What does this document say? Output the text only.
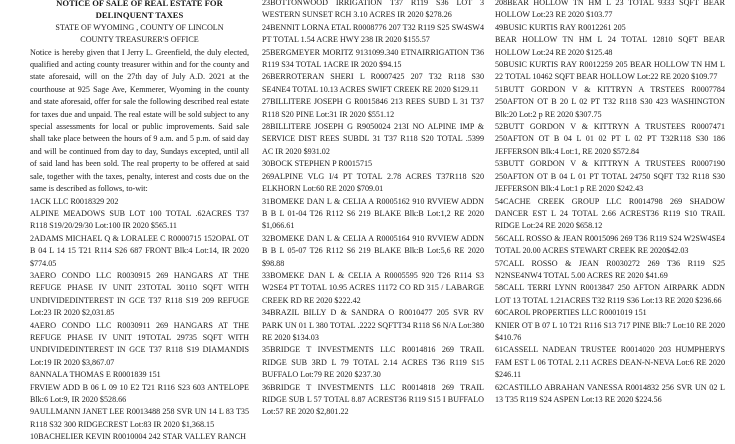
NOTICE OF SALE OF REAL ESTATE FOR
DELINQUENT TAXES
STATE OF WYOMING , COUNTY OF LINCOLN
COUNTY TREASURER'S OFFICE

Notice is hereby given that I Jerry L. Greenfield, the duly elected, qualified and acting county treasurer within and for the county and state aforesaid, will on the 27th day of July A.D. 2021 at the courthouse at 925 Sage Ave, Kemmerer, Wyoming in the county and state aforesaid, offer for sale the following described real estate for taxes due and unpaid. The real estate will be sold subject to any special assessments for local or public improvements. Said sale shall take place between the hours of 9 a.m. and 5 p.m. of said day and will be continued from day to day, Sundays excepted, until all of said land has been sold. The real property to be offered at said sale, together with the taxes, penalty, interest and costs due on the same is described as follows, to-wit:

1ACK LLC R0018329 202

ALPINE MEADOWS SUB LOT 100 TOTAL .62ACRES T37 R118 S19/20/29/30 Lot:100 IR 2020 $565.11

2ADAMS MICHAEL Q & LORALEE C R0000715 152OPAL OT B 04 L 14 15 T21 R114 S26 687 FRONT Blk:4 Lot:14, IR 2020 $774.05

3AERO CONDO LLC R0030915 269 HANGARS AT THE REFUGE PHASE IV UNIT 23TOTAL 30110 SQFT WITH UNDIVIDEDINTEREST IN GCE T37 R118 S19 209 REFUGE Lot:23 IR 2020 $2,031.85

4AERO CONDO LLC R0030911 269 HANGARS AT THE REFUGE PHASE IV UNIT 19TOTAL 29735 SQFT WITH UNDIVIDEDINTEREST IN GCE T37 R118 S19 DIAMANDIS Lot:19 IR 2020 $3,867.07

8ANNALA THOMAS E R0001839 151

FRVIEW ADD B 06 L 09 10 E2 T21 R116 S23 603 ANTELOPE Blk:6 Lot:9, IR 2020 $528.66

9AULLMANN JANET LEE R0013488 258 SVR UN 14 L 83 T35 R118 S32 300 RIDGECREST Lot:83 IR 2020 $1,368.15

10BACHELIER KEVIN R0010004 242 STAR VALLEY RANCH

23BOTTONWOOD IRRIGATION T37 R119 S36 LOT 3 WESTERN SUNSET RCH 3.10 ACRES IR 2020 $278.26

24BENNIT LORNA ETAL R0008776 207 T32 R119 S25 SW4SW4 PT TOTAL 1.54 ACRE HWY 238 IR 2020 $155.57

25BERGMEYER MORITZ 9131099.340 ETNAIRRIGATION T36 R119 S34 TOTAL 1ACRE IR 2020 $94.15

26BERROTERAN SHERI L R0007425 207 T32 R118 S30 SE4NE4 TOTAL 10.13 ACRES SWIFT CREEK RE 2020 $129.11

27BILLITERE JOSEPH G R0015846 213 REES SUBD L 31 T37 R118 S20 PINE Lot:31 IR 2020 $551.12

28BILLITERE JOSEPH G R9050024 213I NO ALPINE IMP & SERVICE DIST REES SUBDL 31 T37 R118 S20 TOTAL .5399 AC IR 2020 $931.02

30BOCK STEPHEN P R0015715

269ALPINE VLG I/4 PT TOTAL 2.78 ACRES T37R118 S20 ELKHORN Lot:60 RE 2020 $709.01

31BOMEKE DAN L & CELIA A R0005162 910 RVVIEW ADDN B B L 01-04 T26 R112 S6 219 BLAKE Blk:B Lot:1,2 RE 2020 $1,066.61

32BOMEKE DAN L & CELIA A R0005164 910 RVVIEW ADDN B B L 05-07 T26 R112 S6 219 BLAKE Blk:B Lot:5,6 RE 2020 $98.88

33BOMEKE DAN L & CELIA A R0005595 920 T26 R114 S3 W2SE4 PT TOTAL 10.95 ACRES 11172 CO RD 315 / LABARGE CREEK RD RE 2020 $222.42

34BRAZIL BILLY D & SANDRA O R0010477 205 SVR RV PARK UN 01 L 380 TOTAL .2222 SQFTT34 R118 S6 N/A Lot:380 RE 2020 $134.03

35BRIDGE T INVESTMENTS LLC R0014816 269 TRAIL RIDGE SUB 3RD L 79 TOTAL 2.14 ACRES T36 R119 S15 BUFFALO Lot:79 RE 2020 $237.30

36BRIDGE T INVESTMENTS LLC R0014818 269 TRAIL RIDGE SUB L 57 TOTAL 8.87 ACREST36 R119 S15 I BUFFALO Lot:57 RE 2020 $2,801.22

208BEAR HOLLOW TN HM L 23 TOTAL 9333 SQFT BEAR HOLLOW Lot:23 RE 2020 $103.77

49BUSIC KURTIS RAY R0012261 205

BEAR HOLLOW TN HM L 24 TOTAL 12810 SQFT BEAR HOLLOW Lot:24 RE 2020 $125.48

50BUSIC KURTIS RAY R0012259 205 BEAR HOLLOW TN HM L 22 TOTAL 10462 SQFT BEAR HOLLOW Lot:22 RE 2020 $109.77

51BUTT GORDON V & KITTRYN A TRSTEES R0007784 250AFTON OT B 20 L 02 PT T32 R118 S30 423 WASHINGTON Blk:20 Lot:2 p RE 2020 $307.75

52BUTT GORDON V & KITTRYN A TRUSTEES R0007471 250AFTON OT B 04 L 01 02 PT L 02 PT T32R118 S30 186 JEFFERSON Blk:4 Lot:1, RE 2020 $572.84

53BUTT GORDON V & KITTRYN A TRUSTEES R0007190 250AFTON OT B 04 L 01 PT TOTAL 24750 SQFT T32 R118 S30 JEFFERSON Blk:4 Lot:1 p RE 2020 $242.43

54CACHE CREEK GROUP LLC R0014798 269 SHADOW DANCER EST L 24 TOTAL 2.66 ACREST36 R119 S10 TRAIL RIDGE Lot:24 RE 2020 $658.12

56CALL ROSSO & JEAN R0015096 269 T36 R119 S24 W2SW4SE4 TOTAL 20.00 ACRES STEWART CREEK RE 2020$42.03

57CALL ROSSO & JEAN R0030272 269 T36 R119 S25 N2NSE4NW4 TOTAL 5.00 ACRES RE 2020 $41.69

58CALL TERRI LYNN R0013847 250 AFTON AIRPARK ADDN LOT 13 TOTAL 1.21ACRES T32 R119 S36 Lot:13 RE 2020 $236.66

60CAROL PROPERTIES LLC R0001019 151

KNIER OT B 07 L 10 T21 R116 S13 717 PINE Blk:7 Lot:10 RE 2020 $410.76

61CASSELL NADEAN TRUSTEE R0014020 203 HUMPHERYS FAM EST L 06 TOTAL 2.11 ACRES DEAN-N-NEVA Lot:6 RE 2020 $246.11

62CASTILLO ABRAHAN VANESSA R0014832 256 SVR UN 02 L 13 T35 R119 S24 ASPEN Lot:13 RE 2020 $224.56
